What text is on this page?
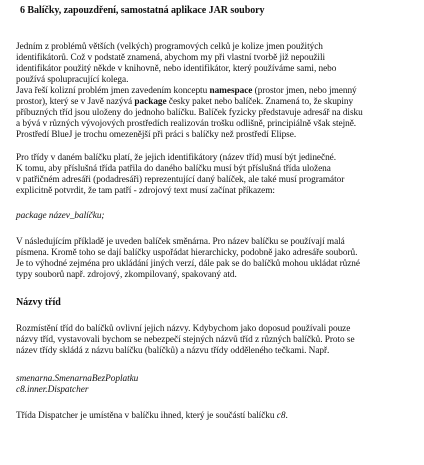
6 Balíčky, zapouzdření, samostatná aplikace JAR soubory
Jedním z problémů větších (velkých) programových celků je kolize jmen použitých
identifikátorů. Což v podstatě znamená, abychom my při vlastní tvorbě již nepoužili
identifikátor použitý někde v knihovně, nebo identifikátor, který používáme sami, nebo
používá spolupracující kolega.
Java řeší kolizní problém jmen zavedením konceptu namespace (prostor jmen, nebo jmenný
prostor), který se v Javě nazývá package česky paket nebo balíček. Znamená to, že skupiny
příbuzných tříd jsou uloženy do jednoho balíčku. Balíček fyzicky představuje adresář na disku
a bývá v různých vývojových prostředích realizován trošku odlišně, principiálně však stejně.
Prostředí BlueJ je trochu omezenější při práci s balíčky než prostředí Elipse.
Pro třídy v daném balíčku platí, že jejich identifikátory (název tříd) musí být jedinečné.
K tomu, aby příslušná třída patřila do daného balíčku musí být příslušná třída uložena
v patřičném adresáři (podadresáři) reprezentující daný balíček, ale také musí programátor
explicitně potvrdit, že tam patří - zdrojový text musí začínat příkazem:
package název_balíčku;
V následujícím příkladě je uveden balíček směnárna. Pro název balíčku se používají malá
písmena. Kromě toho se dají balíčky uspořádat hierarchicky, podobně jako adresáře souborů.
Je to výhodné zejména pro ukládání jiných verzí, dále pak se do balíčků mohou ukládat různé
typy souborů např. zdrojový, zkompilovaný, spakovaný atd.
Názvy tříd
Rozmístění tříd do balíčků ovlivní jejich názvy. Kdybychom jako doposud používali pouze
názvy tříd, vystavovali bychom se nebezpečí stejných názvů tříd z různých balíčků. Proto se
název třídy skládá z názvu balíčku (balíčků) a názvu třídy odděleného tečkami. Např.
smenarna.SmenarnaBezPoplatku
c8.inner.Dispatcher
Třída Dispatcher je umístěna v balíčku ihned, který je součástí balíčku c8.
